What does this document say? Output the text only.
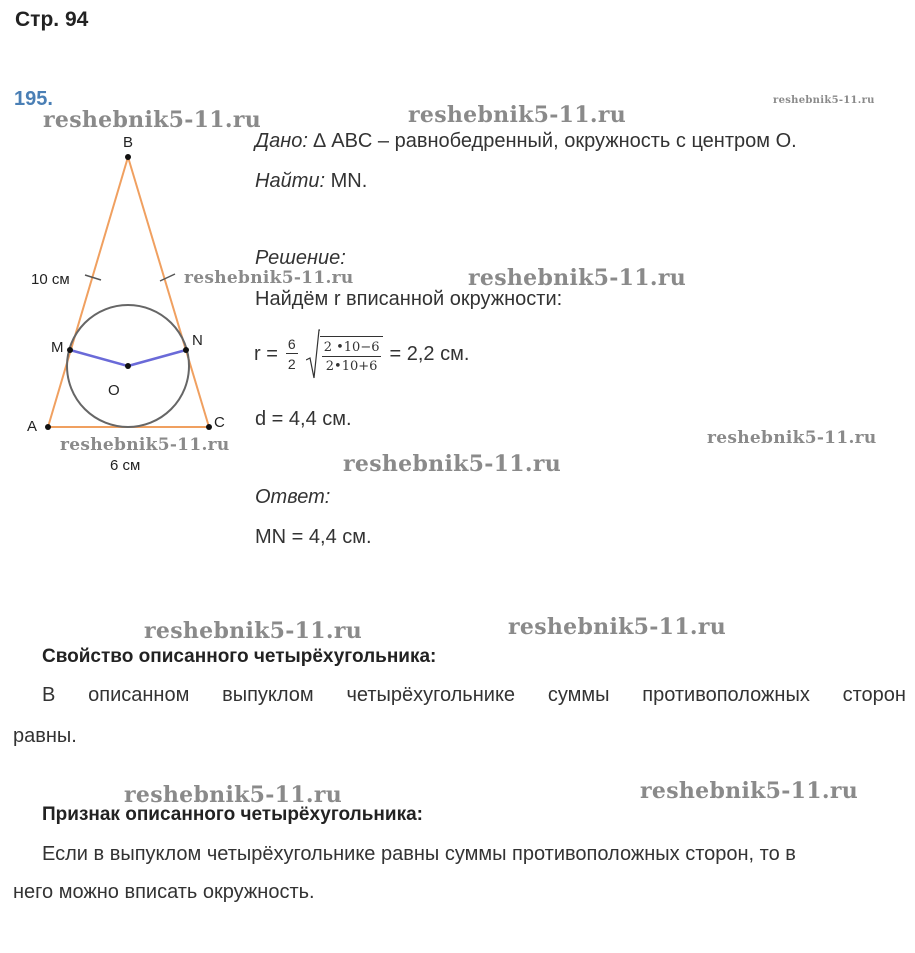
Стр. 94
195.
B
A	C
M	N
O
10 см
6 см
Дано: ∆ ABC – равнобедренный, окружность с центром O.
Найти: MN.
Решение:
Найдём r вписанной окружности:
$r = \frac{6}{2} \frac{2 •10-6}{2•10+6} = 2,2$ см.
d = 4,4 см.
Ответ:
MN = 4,4 см.
Свойство описанного четырёхугольника:
В описанном выпуклом четырёхугольнике суммы противоположных сторон
равны.
Признак описанного четырёхугольника:
Если в выпуклом четырёхугольнике равны суммы противоположных сторон, то в
него можно вписать окружность.
reshebnik5-11.ru	reshebnik5-11.ru
reshebnik5-11.ru
reshebnik5-11.ru	reshebnik5-11.ru
reshebnik5-11.ru	reshebnik5-11.ru
reshebnik5-11.ru
reshebnik5-11.ru	reshebnik5-11.ru
reshebnik5-11.ru	reshebnik5-11.ru
